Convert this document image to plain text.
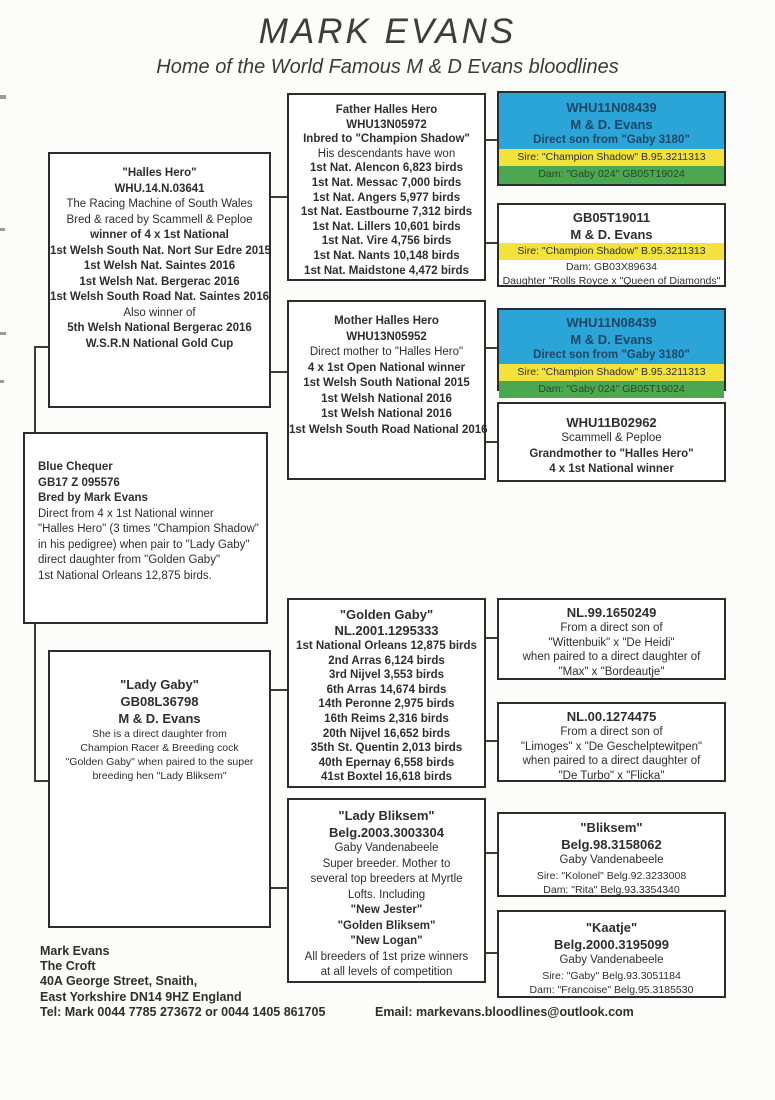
MARK EVANS
Home of the World Famous M & D Evans bloodlines
"Halles Hero"
WHU.14.N.03641
The Racing Machine of South Wales
Bred & raced by Scammell & Peploe
winner of 4 x 1st National
1st Welsh South Nat. Nort Sur Edre 2015
1st Welsh Nat. Saintes 2016
1st Welsh Nat. Bergerac 2016
1st Welsh South Road Nat. Saintes 2016
Also winner of
5th Welsh National Bergerac 2016
W.S.R.N National Gold Cup
Father Halles Hero
WHU13N05972
Inbred to "Champion Shadow"
His descendants have won
1st Nat. Alencon 6,823 birds
1st Nat. Messac 7,000 birds
1st Nat. Angers 5,977 birds
1st Nat. Eastbourne 7,312 birds
1st Nat. Lillers 10,601 birds
1st Nat. Vire 4,756 birds
1st Nat. Nants 10,148 birds
1st Nat. Maidstone 4,472 birds
WHU11N08439
M & D. Evans
Direct son from "Gaby 3180"
Sire: "Champion Shadow" B.95.3211313
Dam: "Gaby 024" GB05T19024
GB05T19011
M & D. Evans
Sire: "Champion Shadow" B.95.3211313
Dam: GB03X89634
Daughter "Rolls Royce x "Queen of Diamonds"
Mother Halles Hero
WHU13N05952
Direct mother to "Halles Hero"
4 x 1st Open National winner
1st Welsh South National 2015
1st Welsh National 2016
1st Welsh National 2016
1st Welsh South Road National 2016
WHU11N08439
M & D. Evans
Direct son from "Gaby 3180"
Sire: "Champion Shadow" B.95.3211313
Dam: "Gaby 024" GB05T19024
WHU11B02962
Scammell & Peploe
Grandmother to "Halles Hero"
4 x 1st National winner
Blue Chequer
GB17 Z 095576
Bred by Mark Evans
Direct from 4 x 1st National winner
"Halles Hero" (3 times "Champion Shadow"
in his pedigree) when pair to "Lady Gaby"
direct daughter from "Golden Gaby"
1st National Orleans 12,875 birds.
"Lady Gaby"
GB08L36798
M & D. Evans
She is a direct daughter from
Champion Racer & Breeding cock
"Golden Gaby" when paired to the super
breeding hen "Lady Bliksem"
"Golden Gaby"
NL.2001.1295333
1st National Orleans 12,875 birds
2nd Arras 6,124 birds
3rd Nijvel 3,553 birds
6th Arras 14,674 birds
14th Peronne 2,975 birds
16th Reims 2,316 birds
20th Nijvel 16,652 birds
35th St. Quentin 2,013 birds
40th Epernay 6,558 birds
41st Boxtel 16,618 birds
NL.99.1650249
From a direct son of
"Wittenbuik" x "De Heidi"
when paired to a direct daughter of
"Max" x "Bordeautje"
NL.00.1274475
From a direct son of
"Limoges" x "De Geschelptewitpen"
when paired to a direct daughter of
"De Turbo" x "Flicka"
"Lady Bliksem"
Belg.2003.3003304
Gaby Vandenabeele
Super breeder. Mother to
several top breeders at Myrtle
Lofts. Including
"New Jester"
"Golden Bliksem"
"New Logan"
All breeders of 1st prize winners
at all levels of competition
"Bliksem"
Belg.98.3158062
Gaby Vandenabeele
Sire: "Kolonel" Belg.92.3233008
Dam: "Rita" Belg.93.3354340
"Kaatje"
Belg.2000.3195099
Gaby Vandenabeele
Sire: "Gaby" Belg.93.3051184
Dam: "Francoise" Belg.95.3185530
Mark Evans
The Croft
40A George Street, Snaith,
East Yorkshire DN14 9HZ England
Tel: Mark 0044 7785 273672 or 0044 1405 861705	Email: markevans.bloodlines@outlook.com
